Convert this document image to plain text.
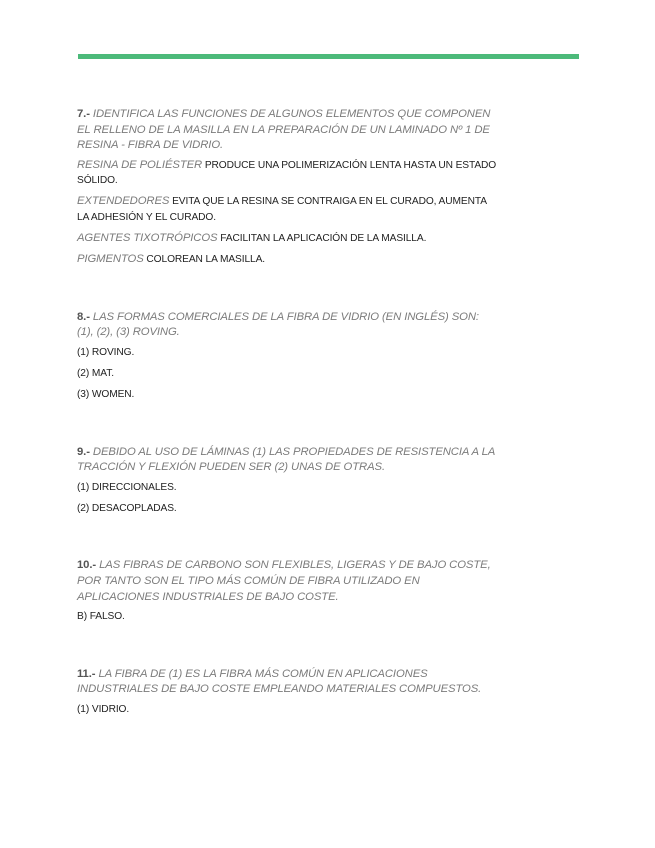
7.- IDENTIFICA LAS FUNCIONES DE ALGUNOS ELEMENTOS QUE COMPONEN EL RELLENO DE LA MASILLA EN LA PREPARACIÓN DE UN LAMINADO Nº 1 DE RESINA - FIBRA DE VIDRIO.

RESINA DE POLIÉSTER PRODUCE UNA POLIMERIZACIÓN LENTA HASTA UN ESTADO SÓLIDO.

EXTENDEDORES EVITA QUE LA RESINA SE CONTRAIGA EN EL CURADO, AUMENTA LA ADHESIÓN Y EL CURADO.

AGENTES TIXOTRÓPICOS FACILITAN LA APLICACIÓN DE LA MASILLA.

PIGMENTOS COLOREAN LA MASILLA.

8.- LAS FORMAS COMERCIALES DE LA FIBRA DE VIDRIO (EN INGLÉS) SON: (1), (2), (3) ROVING.

(1) ROVING.

(2) MAT.

(3) WOMEN.

9.- DEBIDO AL USO DE LÁMINAS (1) LAS PROPIEDADES DE RESISTENCIA A LA TRACCIÓN Y FLEXIÓN PUEDEN SER (2) UNAS DE OTRAS.

(1) DIRECCIONALES.

(2) DESACOPLADAS.

10.- LAS FIBRAS DE CARBONO SON FLEXIBLES, LIGERAS Y DE BAJO COSTE, POR TANTO SON EL TIPO MÁS COMÚN DE FIBRA UTILIZADO EN APLICACIONES INDUSTRIALES DE BAJO COSTE.

B) FALSO.

11.- LA FIBRA DE (1) ES LA FIBRA MÁS COMÚN EN APLICACIONES INDUSTRIALES DE BAJO COSTE EMPLEANDO MATERIALES COMPUESTOS.

(1) VIDRIO.
